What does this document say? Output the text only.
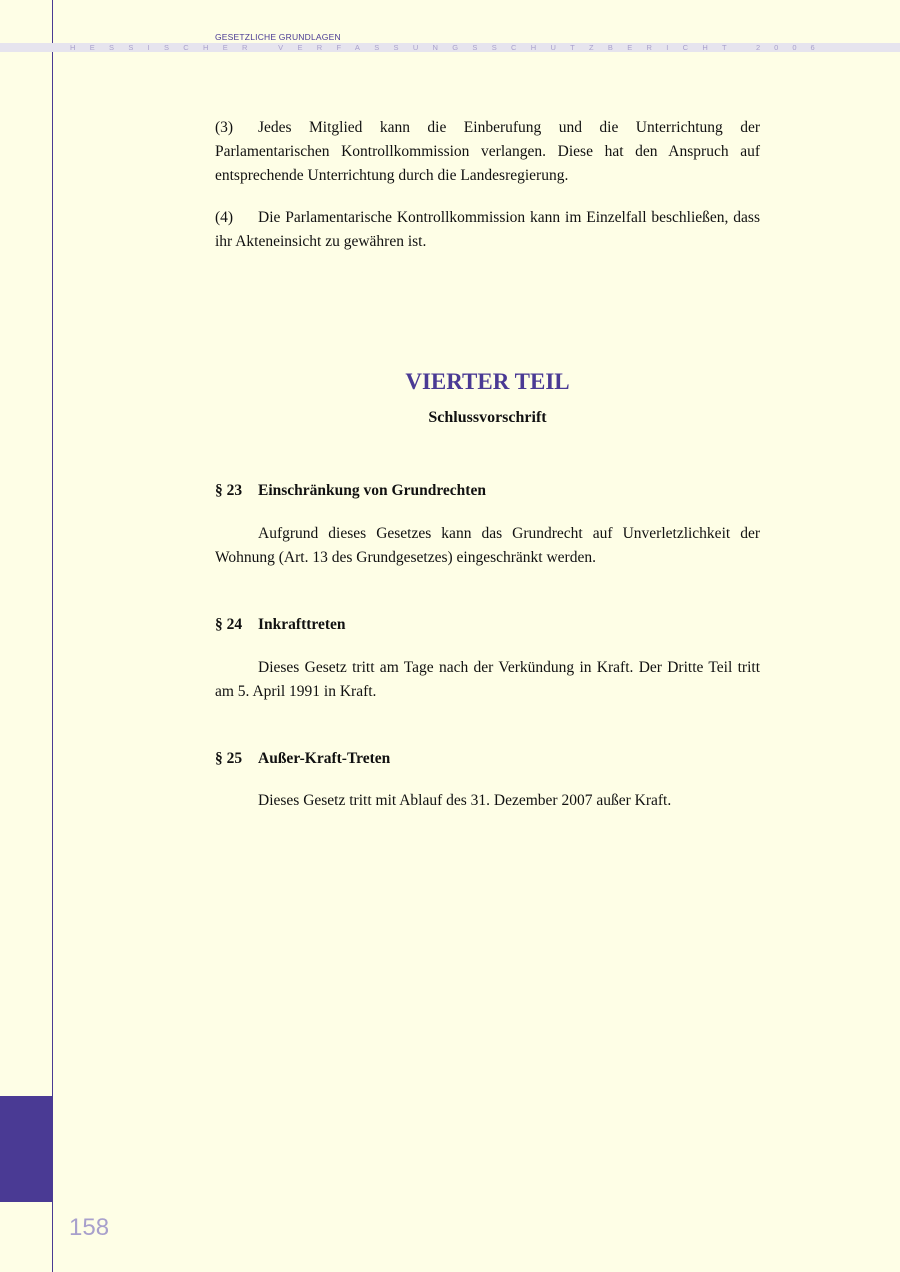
GESETZLICHE GRUNDLAGEN

HESSISCHER VERFASSUNGSSCHUTZBERICHT 2006

(3) Jedes Mitglied kann die Einberufung und die Unterrichtung der Parlamentarischen Kontrollkommission verlangen. Diese hat den Anspruch auf entsprechende Unterrichtung durch die Landesregierung.

(4) Die Parlamentarische Kontrollkommission kann im Einzelfall beschließen, dass ihr Akteneinsicht zu gewähren ist.

VIERTER TEIL
Schlussvorschrift
§ 23 Einschränkung von Grundrechten

Aufgrund dieses Gesetzes kann das Grundrecht auf Unverletzlichkeit der Wohnung (Art. 13 des Grundgesetzes) eingeschränkt werden.

§ 24 Inkrafttreten

Dieses Gesetz tritt am Tage nach der Verkündung in Kraft. Der Dritte Teil tritt am 5. April 1991 in Kraft.

§ 25 Außer-Kraft-Treten

Dieses Gesetz tritt mit Ablauf des 31. Dezember 2007 außer Kraft.

158
